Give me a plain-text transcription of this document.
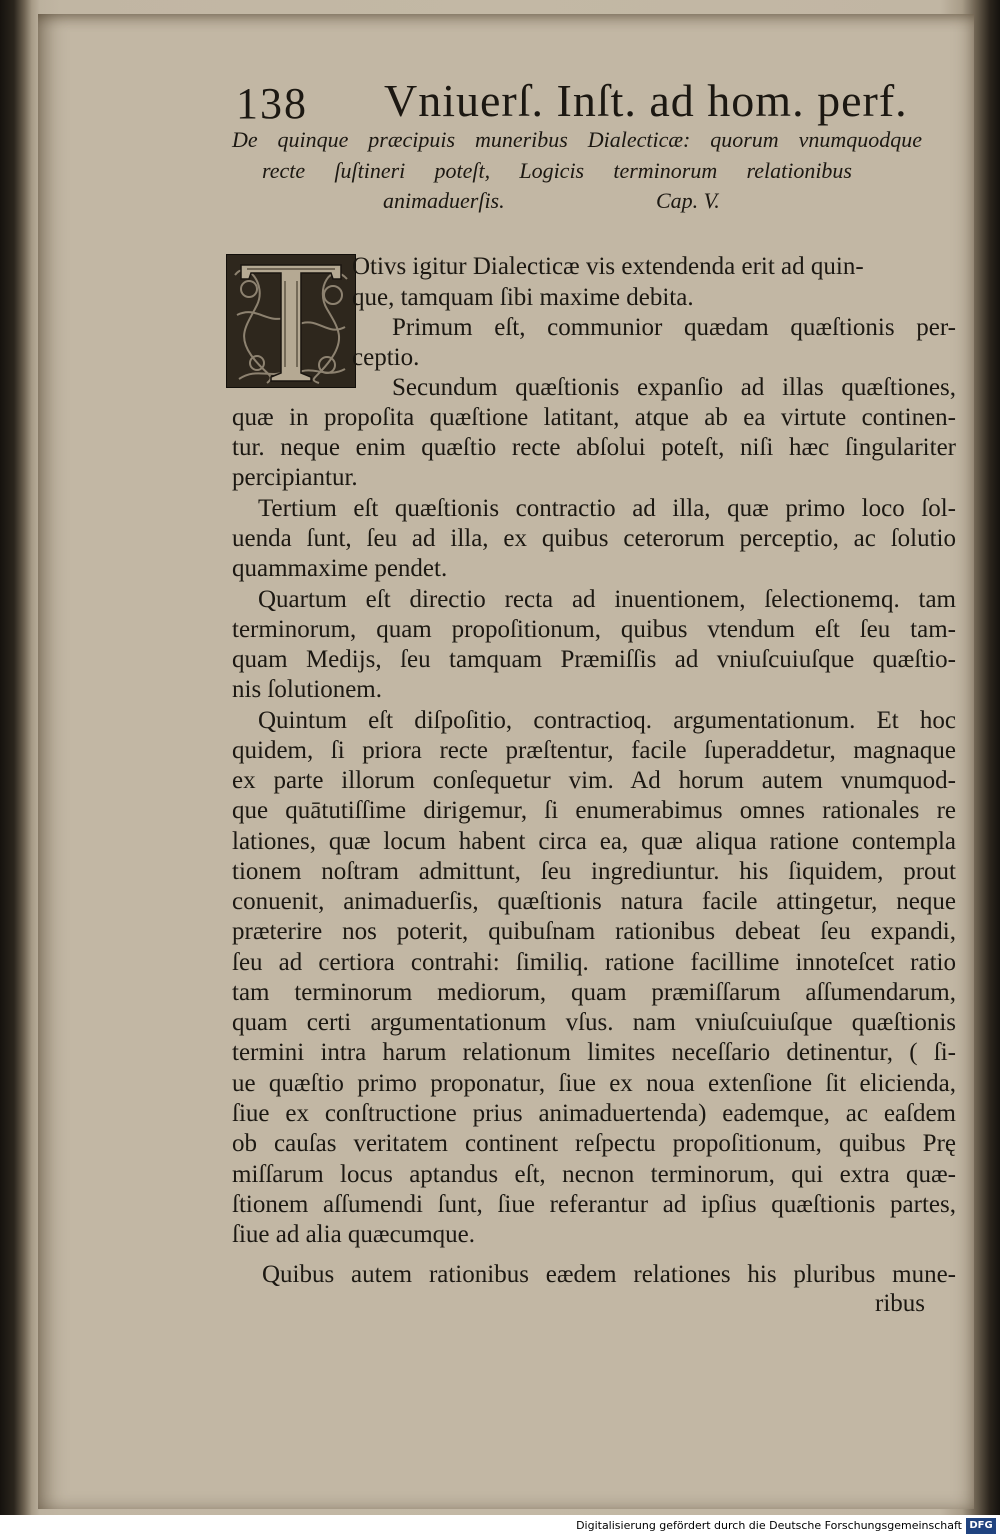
138 Vniuerſ. Inſt. ad hom. perf.
De quinque præcipuis muneribus Dialecticæ: quorum vnumquodque
recte ſuſtineri poteſt, Logicis terminorum relationibus
animaduerſis.	Cap. V.
Otivs igitur Dialecticæ vis extendenda erit ad quin-
que, tamquam ſibi maxime debita.
Primum eſt, communior quædam quæſtionis per-
ceptio.
Secundum quæſtionis expanſio ad illas quæſtiones,
quæ in propoſita quæſtione latitant, atque ab ea virtute continen-
tur. neque enim quæſtio recte abſolui poteſt, niſi hæc ſingulariter
percipiantur.
Tertium eſt quæſtionis contractio ad illa, quæ primo loco ſol-
uenda ſunt, ſeu ad illa, ex quibus ceterorum perceptio, ac ſolutio
quammaxime pendet.
Quartum eſt directio recta ad inuentionem, ſelectionemq. tam
terminorum, quam propoſitionum, quibus vtendum eſt ſeu tam-
quam Medijs, ſeu tamquam Præmiſſis ad vniuſcuiuſque quæſtio-
nis ſolutionem.
Quintum eſt diſpoſitio, contractioq. argumentationum. Et hoc
quidem, ſi priora recte præſtentur, facile ſuperaddetur, magnaque
ex parte illorum conſequetur vim. Ad horum autem vnumquod-
que quātutiſſime dirigemur, ſi enumerabimus omnes rationales re
lationes, quæ locum habent circa ea, quæ aliqua ratione contempla
tionem noſtram admittunt, ſeu ingrediuntur. his ſiquidem, prout
conuenit, animaduerſis, quæſtionis natura facile attingetur, neque
præterire nos poterit, quibuſnam rationibus debeat ſeu expandi,
ſeu ad certiora contrahi: ſimiliq. ratione facillime innoteſcet ratio
tam terminorum mediorum, quam præmiſſarum aſſumendarum,
quam certi argumentationum vſus. nam vniuſcuiuſque quæſtionis
termini intra harum relationum limites neceſſario detinentur, ( ſi-
ue quæſtio primo proponatur, ſiue ex noua extenſione ſit elicienda,
ſiue ex conſtructione prius animaduertenda) eademque, ac eaſdem
ob cauſas veritatem continent reſpectu propoſitionum, quibus Prę
miſſarum locus aptandus eſt, necnon terminorum, qui extra quæ-
ſtionem aſſumendi ſunt, ſiue referantur ad ipſius quæſtionis partes,
ſiue ad alia quæcumque.
Quibus autem rationibus eædem relationes his pluribus mune-
ribus
Digitalisierung gefördert durch die Deutsche Forschungsgemeinschaft DFG
